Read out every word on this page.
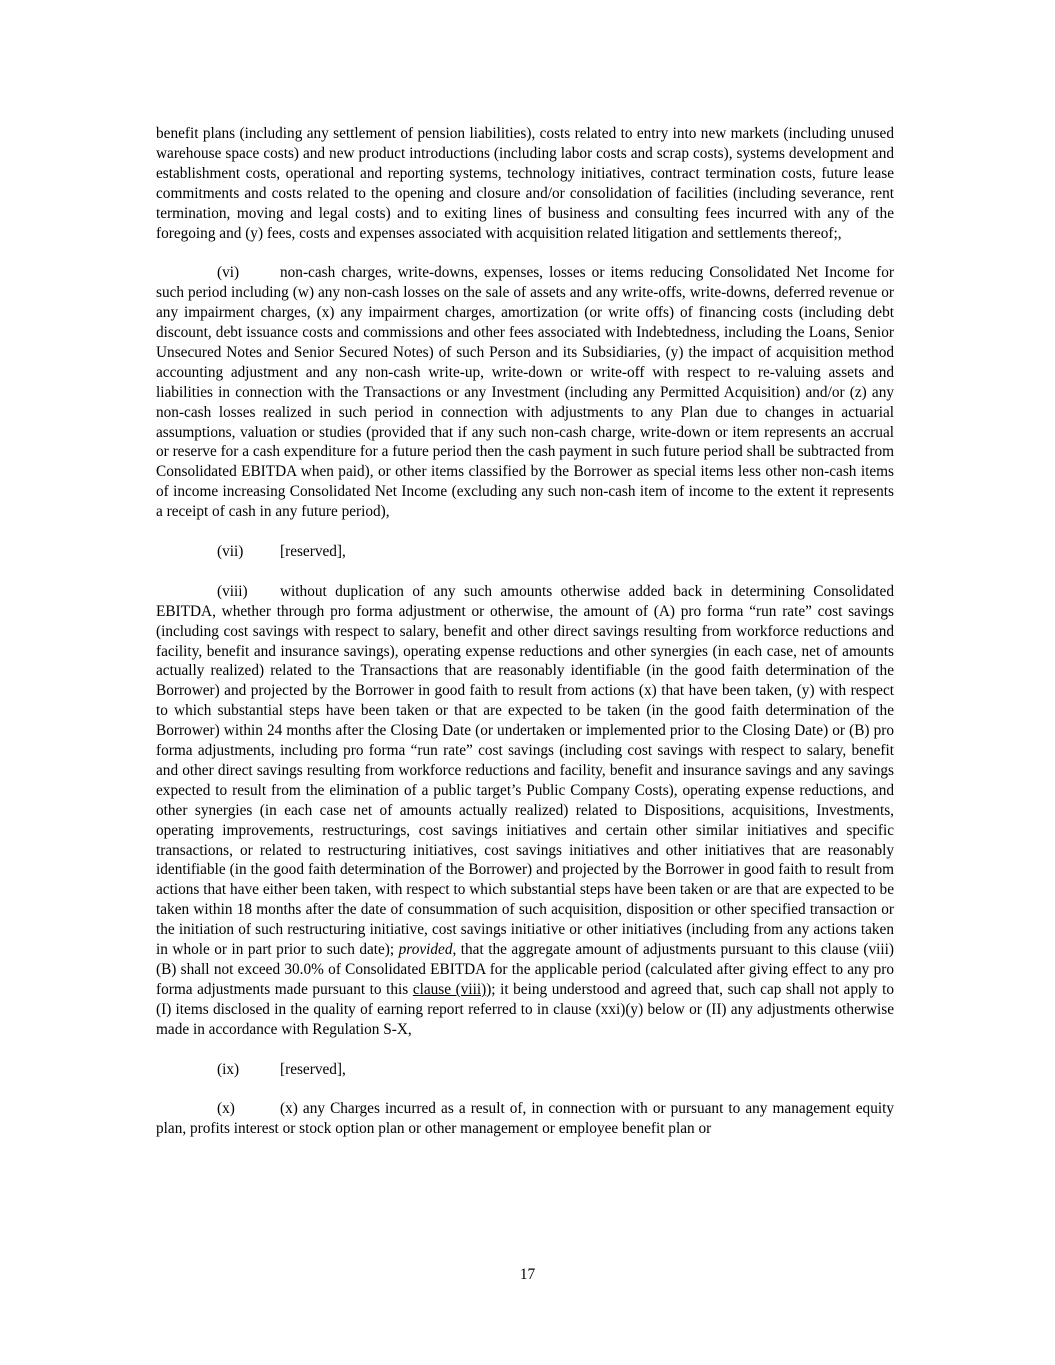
benefit plans (including any settlement of pension liabilities), costs related to entry into new markets (including unused warehouse space costs) and new product introductions (including labor costs and scrap costs), systems development and establishment costs, operational and reporting systems, technology initiatives, contract termination costs, future lease commitments and costs related to the opening and closure and/or consolidation of facilities (including severance, rent termination, moving and legal costs) and to exiting lines of business and consulting fees incurred with any of the foregoing and (y) fees, costs and expenses associated with acquisition related litigation and settlements thereof;,

(vi)	non-cash charges, write-downs, expenses, losses or items reducing Consolidated Net Income for such period including (w) any non-cash losses on the sale of assets and any write-offs, write-downs, deferred revenue or any impairment charges, (x) any impairment charges, amortization (or write offs) of financing costs (including debt discount, debt issuance costs and commissions and other fees associated with Indebtedness, including the Loans, Senior Unsecured Notes and Senior Secured Notes) of such Person and its Subsidiaries, (y) the impact of acquisition method accounting adjustment and any non-cash write-up, write-down or write-off with respect to re-valuing assets and liabilities in connection with the Transactions or any Investment (including any Permitted Acquisition) and/or (z) any non-cash losses realized in such period in connection with adjustments to any Plan due to changes in actuarial assumptions, valuation or studies (provided that if any such non-cash charge, write-down or item represents an accrual or reserve for a cash expenditure for a future period then the cash payment in such future period shall be subtracted from Consolidated EBITDA when paid), or other items classified by the Borrower as special items less other non-cash items of income increasing Consolidated Net Income (excluding any such non-cash item of income to the extent it represents a receipt of cash in any future period),

(vii) [reserved],

(viii) without duplication of any such amounts otherwise added back in determining Consolidated EBITDA, whether through pro forma adjustment or otherwise, the amount of (A) pro forma “run rate” cost savings (including cost savings with respect to salary, benefit and other direct savings resulting from workforce reductions and facility, benefit and insurance savings), operating expense reductions and other synergies (in each case, net of amounts actually realized) related to the Transactions that are reasonably identifiable (in the good faith determination of the Borrower) and projected by the Borrower in good faith to result from actions (x) that have been taken, (y) with respect to which substantial steps have been taken or that are expected to be taken (in the good faith determination of the Borrower) within 24 months after the Closing Date (or undertaken or implemented prior to the Closing Date) or (B) pro forma adjustments, including pro forma “run rate” cost savings (including cost savings with respect to salary, benefit and other direct savings resulting from workforce reductions and facility, benefit and insurance savings and any savings expected to result from the elimination of a public target’s Public Company Costs), operating expense reductions, and other synergies (in each case net of amounts actually realized) related to Dispositions, acquisitions, Investments, operating improvements, restructurings, cost savings initiatives and certain other similar initiatives and specific transactions, or related to restructuring initiatives, cost savings initiatives and other initiatives that are reasonably identifiable (in the good faith determination of the Borrower) and projected by the Borrower in good faith to result from actions that have either been taken, with respect to which substantial steps have been taken or are that are expected to be taken within 18 months after the date of consummation of such acquisition, disposition or other specified transaction or the initiation of such restructuring initiative, cost savings initiative or other initiatives (including from any actions taken in whole or in part prior to such date); provided, that the aggregate amount of adjustments pursuant to this clause (viii)(B) shall not exceed 30.0% of Consolidated EBITDA for the applicable period (calculated after giving effect to any pro forma adjustments made pursuant to this clause (viii)); it being understood and agreed that, such cap shall not apply to (I) items disclosed in the quality of earning report referred to in clause (xxi)(y) below or (II) any adjustments otherwise made in accordance with Regulation S-X,

(ix)	[reserved],

(x)	(x) any Charges incurred as a result of, in connection with or pursuant to any management equity plan, profits interest or stock option plan or other management or employee benefit plan or

17
